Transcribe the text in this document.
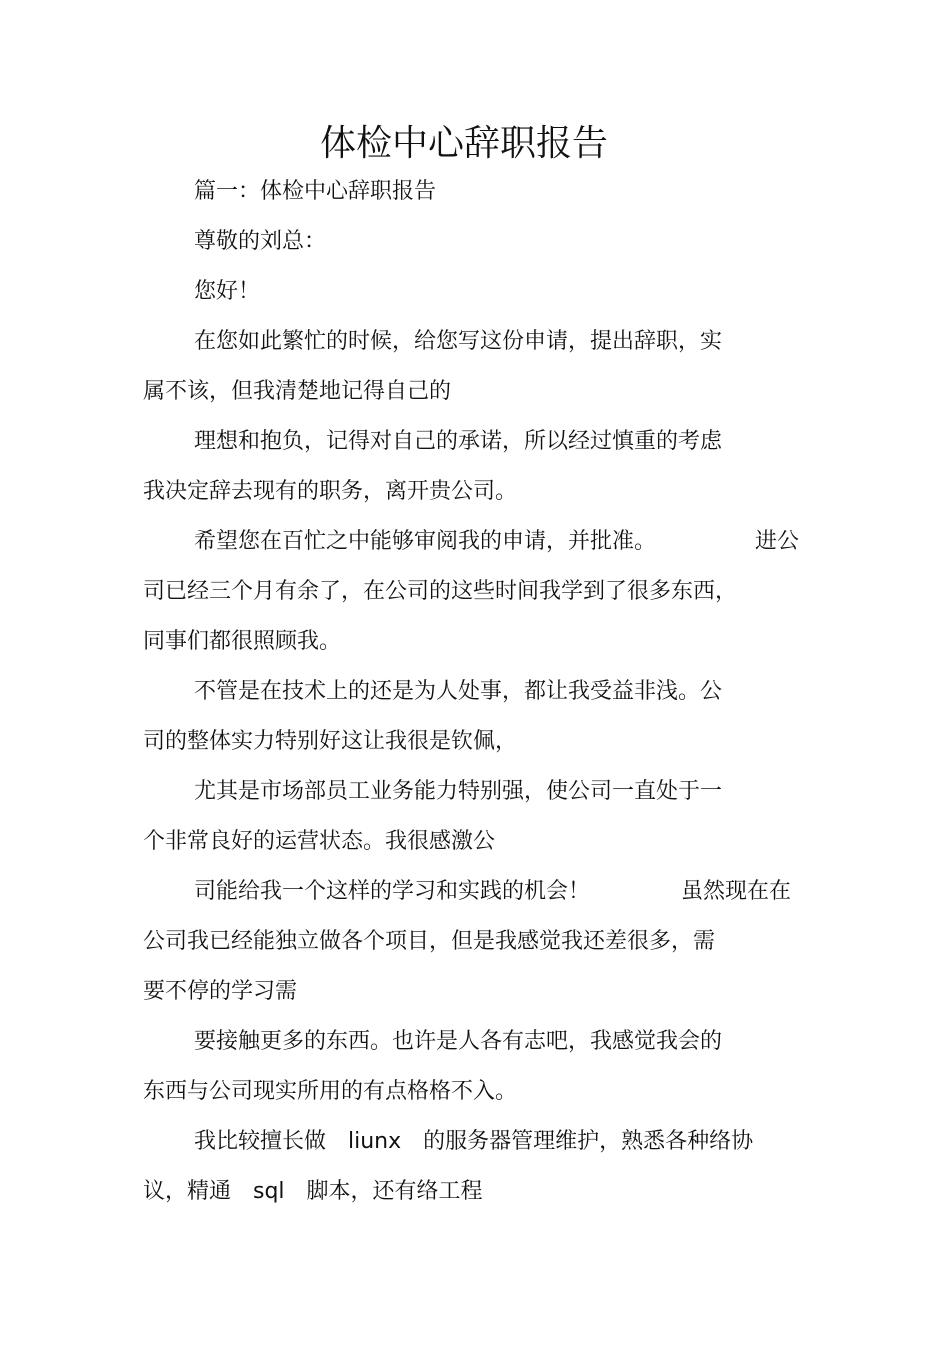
体检中心辞职报告
篇一：体检中心辞职报告
尊敬的刘总：
您好！
在您如此繁忙的时候，给您写这份申请，提出辞职，实
属不该，但我清楚地记得自己的
理想和抱负，记得对自己的承诺，所以经过慎重的考虑
我决定辞去现有的职务，离开贵公司。
希望您在百忙之中能够审阅我的申请，并批准。	进公
司已经三个月有余了，在公司的这些时间我学到了很多东西，
同事们都很照顾我。
不管是在技术上的还是为人处事，都让我受益非浅。公
司的整体实力特别好这让我很是钦佩，
尤其是市场部员工业务能力特别强，使公司一直处于一
个非常良好的运营状态。我很感激公
司能给我一个这样的学习和实践的机会！	虽然现在在
公司我已经能独立做各个项目，但是我感觉我还差很多，需
要不停的学习需
要接触更多的东西。也许是人各有志吧，我感觉我会的
东西与公司现实所用的有点格格不入。
我比较擅长做　liunx　的服务器管理维护，熟悉各种络协
议，精通　sql　脚本，还有络工程
